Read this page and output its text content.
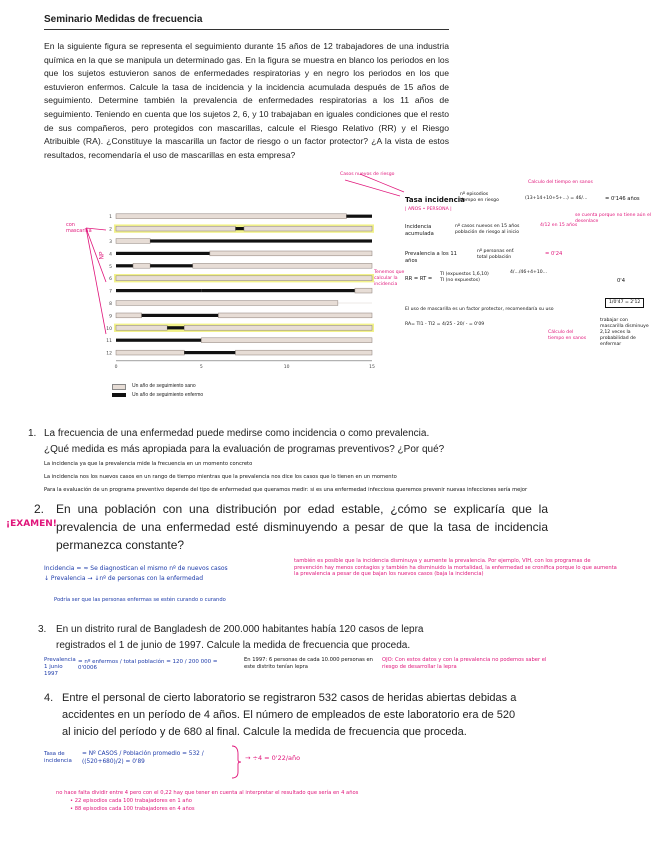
Seminario Medidas de frecuencia
En la siguiente figura se representa el seguimiento durante 15 años de 12 trabajadores de una industria química en la que se manipula un determinado gas. En la figura se muestra en blanco los periodos en los que los sujetos estuvieron sanos de enfermedades respiratorias y en negro los periodos en los que estuvieron enfermos. Calcule la tasa de incidencia y la incidencia acumulada después de 15 años de seguimiento. Determine también la prevalencia de enfermedades respiratorias a los 11 años de seguimiento. Teniendo en cuenta que los sujetos 2, 6, y 10 trabajaban en iguales condiciones que el resto de sus compañeros, pero protegidos con mascarillas, calcule el Riesgo Relativo (RR) y el Riesgo Atribuible (RA). ¿Constituye la mascarilla un factor de riesgo o un factor protector? ¿A la vista de estos resultados, recomendaría el uso de mascarillas en esta empresa?
1
2
3
4
5
6
7
8
9
10
11
12
0	5	10	15
Un año de seguimiento sano
Un año de seguimiento enfermo
con mascarilla
NP
Tasa incidencia
nº episodios
tiempo en riesgo	(13+14+10+5+...) = 46/...	= 0'146 años
| AÑOS • PERSONA |
Calculo del tiempo en sanos
Casos nuevos de riesgo
Incidencia acumulada
nº casos nuevos en 15 años
población de riesgo al inicio
4/12 en 15 años
se cuenta porque no tiene aún el desenlace
Prevalencia a los 11 años
nº personas enf.
total población
= 0'24
Tenemos que calcular la incidencia
RR = RT =
TI (expuestos 1,6,10)
TI (no expuestos)
4/.../46+4+10...
0'4
1/0'47 = 2'12
El uso de mascarilla es un factor protector, recomendaría su uso
RA= TI1 - TI2 = 4/25 - 20/ - = 0'09
trabajar con mascarilla disminuye 2,12 veces la probabilidad de enfermar
Cálculo del tiempo en sanos
1. La frecuencia de una enfermedad puede medirse como incidencia o como prevalencia. ¿Qué medida es más apropiada para la evaluación de programas preventivos? ¿Por qué?
La incidencia ya que la prevalencia mide la frecuencia en un momento concreto
La incidencia nos los nuevos casos en un rango de tiempo mientras que la prevalencia nos dice los casos que lo tienen en un momento
Para la evaluación de un programa preventivo depende del tipo de enfermedad que queramos medir: si es una enfermedad infecciosa queremos prevenir nuevas infecciones sería mejor
¡EXAMEN!
2. En una población con una distribución por edad estable, ¿cómo se explicaría que la prevalencia de una enfermedad esté disminuyendo a pesar de que la tasa de incidencia permanezca constante?
Incidencia = ≈ Se diagnostican el mismo nº de nuevos casos
↓ Prevalencia → ↓nº de personas con la enfermedad
también es posible que la incidencia disminuya y aumente la prevalencia. Por ejemplo, VIH, con los programas de prevención hay menos contagios y también ha disminuido la mortalidad, la enfermedad se cronifica porque lo que aumenta la prevalencia a pesar de que bajan los nuevos casos (baja la incidencia)
Podría ser que las personas enfermas se estén curando o curando
3. En un distrito rural de Bangladesh de 200.000 habitantes había 120 casos de lepra registrados el 1 de junio de 1997. Calcule la medida de frecuencia que proceda.
Prevalencia 1 junio 1997
= nº enfermos / total población = 120 / 200 000 = 0'0006
En 1997: 6 personas de cada 10.000 personas en este distrito tenían lepra
OJO: Con estos datos y con la prevalencia no podemos saber el riesgo de desarrollar la lepra
4. Entre el personal de cierto laboratorio se registraron 532 casos de heridas abiertas debidas a accidentes en un período de 4 años. El número de empleados de este laboratorio era de 520 al inicio del período y de 680 al final. Calcule la medida de frecuencia que proceda.
Tasa de incidencia
= Nº CASOS / Población promedio = 532 / ((520+680)/2) = 0'89	→ ÷4 = 0'22/año
no hace falta dividir entre 4 pero con el 0,22 hay que tener en cuenta al interpretar el resultado que sería en 4 años
• 22 episodios cada 100 trabajadores en 1 año
• 88 episodios cada 100 trabajadores en 4 años
